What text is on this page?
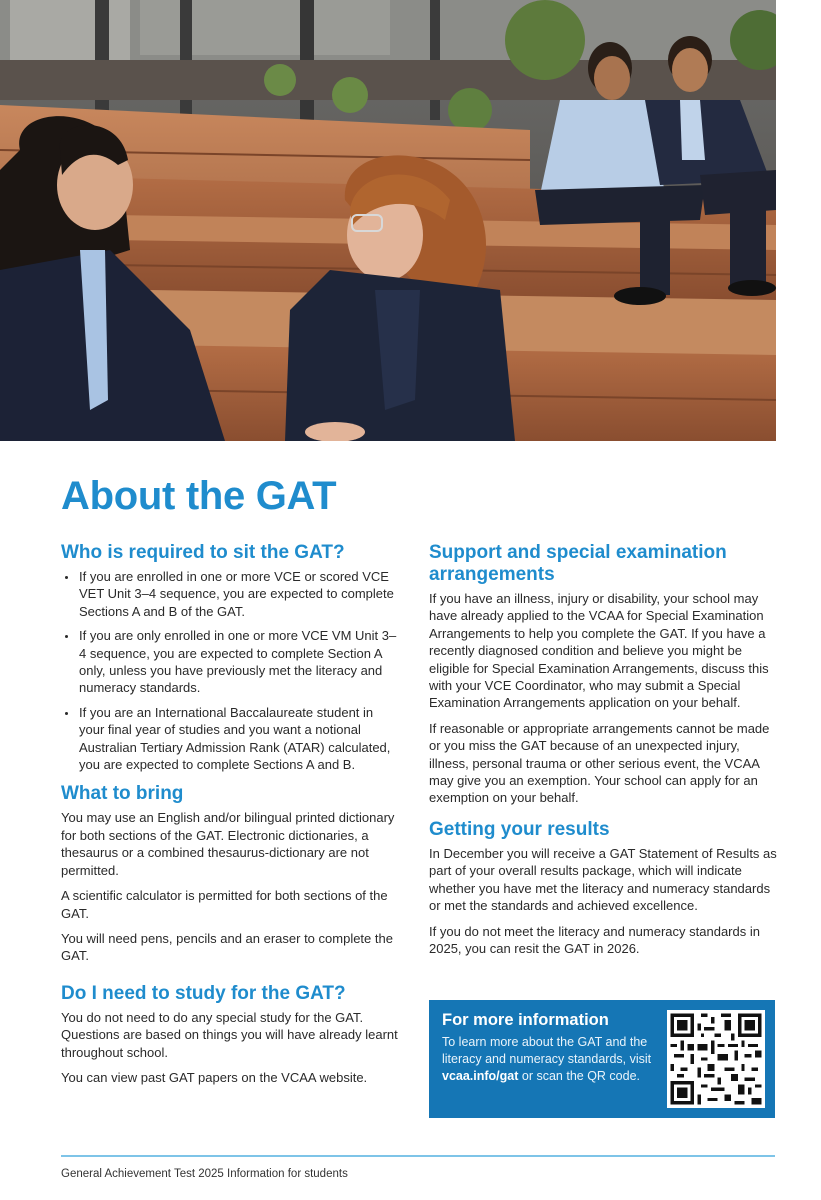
About the GAT
Who is required to sit the GAT?
• If you are enrolled in one or more VCE or scored VCE VET Unit 3–4 sequence, you are expected to complete Sections A and B of the GAT.
• If you are only enrolled in one or more VCE VM Unit 3–4 sequence, you are expected to complete Section A only, unless you have previously met the literacy and numeracy standards.
• If you are an International Baccalaureate student in your final year of studies and you want a notional Australian Tertiary Admission Rank (ATAR) calculated, you are expected to complete Sections A and B.
What to bring

You may use an English and/or bilingual printed dictionary for both sections of the GAT. Electronic dictionaries, a thesaurus or a combined thesaurus-dictionary are not permitted.

A scientific calculator is permitted for both sections of the GAT.

You will need pens, pencils and an eraser to complete the GAT.

Do I need to study for the GAT?

You do not need to do any special study for the GAT. Questions are based on things you will have already learnt throughout school.

You can view past GAT papers on the VCAA website.

Support and special examination arrangements

If you have an illness, injury or disability, your school may have already applied to the VCAA for Special Examination Arrangements to help you complete the GAT. If you have a recently diagnosed condition and believe you might be eligible for Special Examination Arrangements, discuss this with your VCE Coordinator, who may submit a Special Examination Arrangements application on your behalf.

If reasonable or appropriate arrangements cannot be made or you miss the GAT because of an unexpected injury, illness, personal trauma or other serious event, the VCAA may give you an exemption. Your school can apply for an exemption on your behalf.

Getting your results

In December you will receive a GAT Statement of Results as part of your overall results package, which will indicate whether you have met the literacy and numeracy standards or met the standards and achieved excellence.

If you do not meet the literacy and numeracy standards in 2025, you can resit the GAT in 2026.

For more information
To learn more about the GAT and the literacy and numeracy standards, visit vcaa.info/gat or scan the QR code.
General Achievement Test 2025 Information for students
